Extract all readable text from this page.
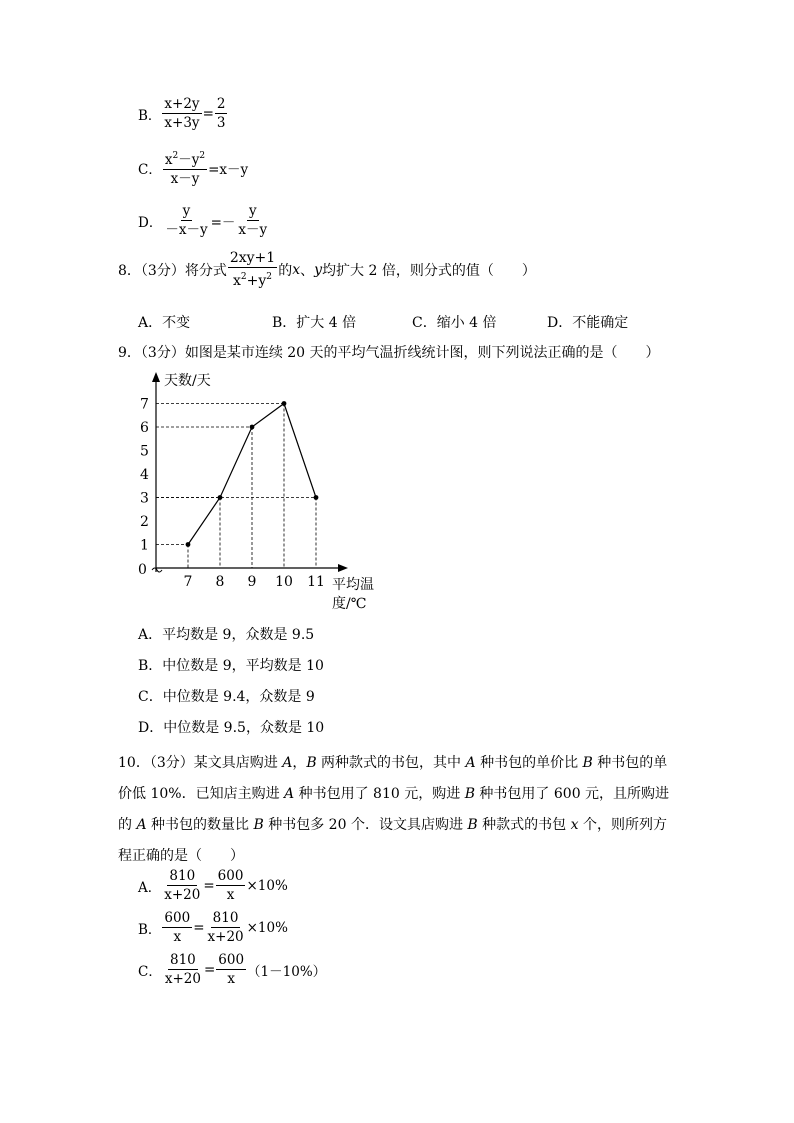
B． $\frac{x+2y}{x+3y} = \frac{2}{3}$
C． $\frac{x^2-y^2}{x-y} =x-y$
D． $\frac{y}{-x-y} =- \frac{y}{x-y}$
8．（3分）将分式 $\frac{2xy+1}{x^2+y^2}$ 的 x 、 y 均扩大 2 倍，则分式的值（　　）
A．不变	B．扩大 4 倍	C．缩小 4 倍	D．不能确定
9．（3分）如图是某市连续 20 天的平均气温折线统计图，则下列说法正确的是（　　）
0
1
2
3
4
5
6
7
7 8 9 10 11
天数/天
平均温
度/℃
A．平均数是 9，众数是 9.5
B．中位数是 9，平均数是 10
C．中位数是 9.4，众数是 9
D．中位数是 9.5，众数是 10
10．（3分）某文具店购进 A，B 两种款式的书包，其中 A 种书包的单价比 B 种书包的单价低 10%．已知店主购进 A 种书包用了 810 元，购进 B 种书包用了 600 元，且所购进的 A 种书包的数量比 B 种书包多 20 个．设文具店购进 B 种款式的书包 x 个，则所列方程正确的是（　　）
A． $\frac{810}{x+20} = \frac{600}{x} \times 10\%$
B． $\frac{600}{x} = \frac{810}{x+20} \times 10\%$
C． $\frac{810}{x+20} = \frac{600}{x} (1-10\%)$
